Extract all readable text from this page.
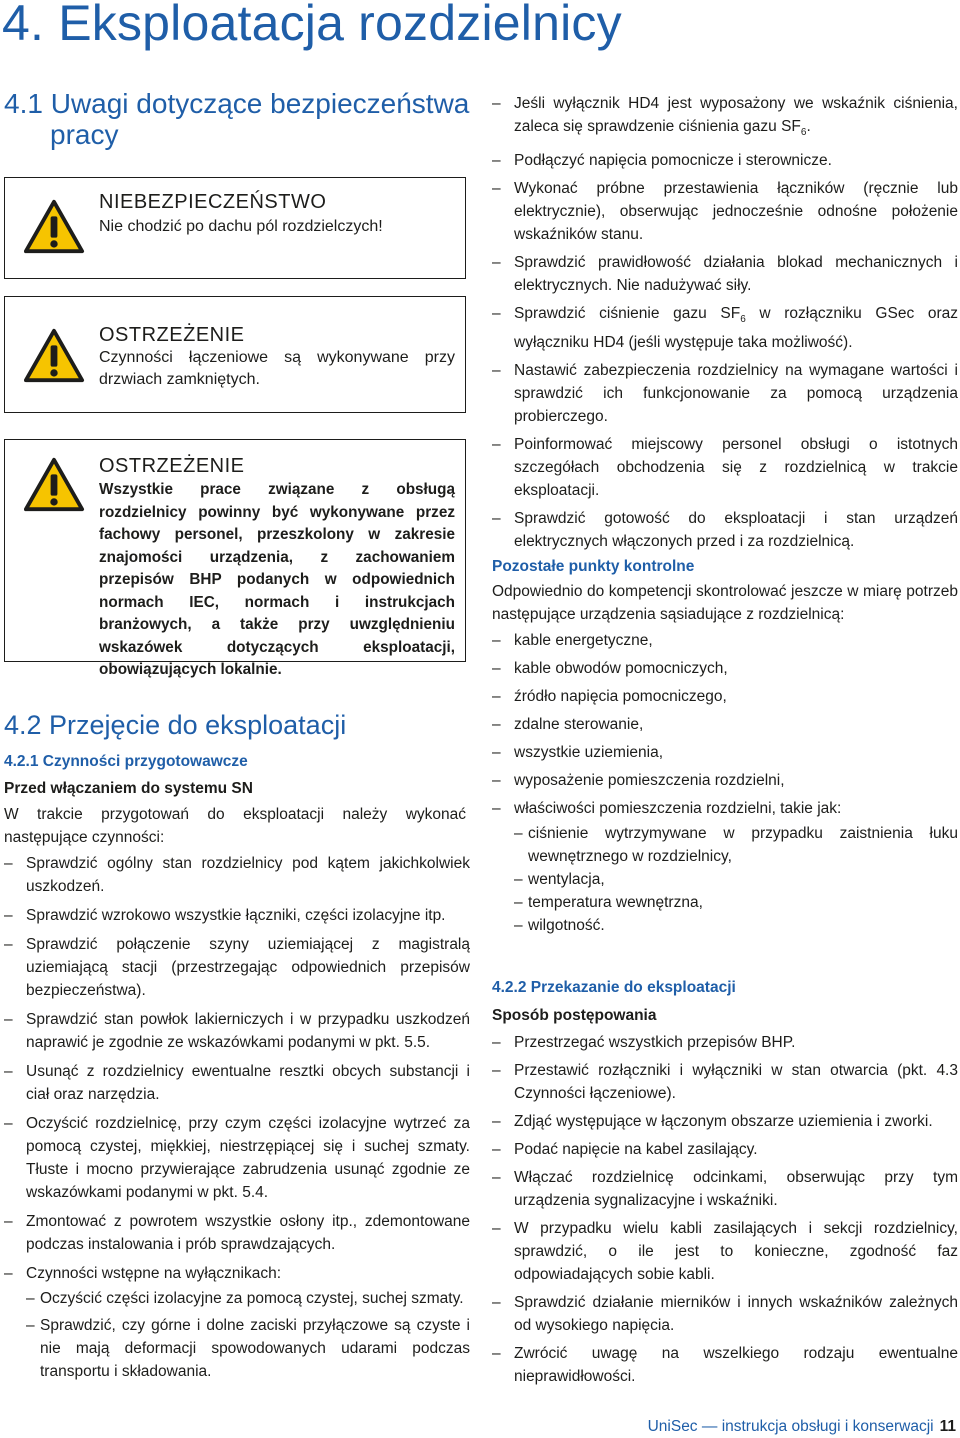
4. Eksploatacja rozdzielnicy
4.1 Uwagi dotyczące bezpieczeństwa
pracy
NIEBEZPIECZEŃSTWO
Nie chodzić po dachu pól rozdzielczych!
OSTRZEŻENIE
Czynności łączeniowe są wykonywane przy drzwiach zamkniętych.
OSTRZEŻENIE
Wszystkie prace związane z obsługą rozdzielnicy powinny być wykonywane przez fachowy personel, przeszkolony w zakresie znajomości urządzenia, z zachowaniem przepisów BHP podanych w odpowiednich normach IEC, normach i instrukcjach branżowych, a także przy uwzględnieniu wskazówek dotyczących eksploatacji, obowiązujących lokalnie.
4.2 Przejęcie do eksploatacji
4.2.1 Czynności przygotowawcze
Przed włączaniem do systemu SN
W trakcie przygotowań do eksploatacji należy wykonać następujące czynności:
– Sprawdzić ogólny stan rozdzielnicy pod kątem jakichkolwiek uszkodzeń.
– Sprawdzić wzrokowo wszystkie łączniki, części izolacyjne itp.
– Sprawdzić połączenie szyny uziemiającej z magistralą uziemiającą stacji (przestrzegając odpowiednich przepisów bezpieczeństwa).
– Sprawdzić stan powłok lakierniczych i w przypadku uszkodzeń naprawić je zgodnie ze wskazówkami podanymi w pkt. 5.5.
– Usunąć z rozdzielnicy ewentualne resztki obcych substancji i ciał oraz narzędzia.
– Oczyścić rozdzielnicę, przy czym części izolacyjne wytrzeć za pomocą czystej, miękkiej, niestrzępiącej się i suchej szmaty. Tłuste i mocno przywierające zabrudzenia usunąć zgodnie ze wskazówkami podanymi w pkt. 5.4.
– Zmontować z powrotem wszystkie osłony itp., zdemontowane podczas instalowania i prób sprawdzających.
– Czynności wstępne na wyłącznikach:
– Oczyścić części izolacyjne za pomocą czystej, suchej szmaty.
– Sprawdzić, czy górne i dolne zaciski przyłączowe są czyste i nie mają deformacji spowodowanych udarami podczas transportu i składowania.
– Jeśli wyłącznik HD4 jest wyposażony we wskaźnik ciśnienia, zaleca się sprawdzenie ciśnienia gazu $SF_6$.
– Podłączyć napięcia pomocnicze i sterownicze.
– Wykonać próbne przestawienia łączników (ręcznie lub elektrycznie), obserwując jednocześnie odnośne położenie wskaźników stanu.
– Sprawdzić prawidłowość działania blokad mechanicznych i elektrycznych. Nie nadużywać siły.
– Sprawdzić ciśnienie gazu $SF_6$ w rozłączniku GSec oraz wyłączniku HD4 (jeśli występuje taka możliwość).
– Nastawić zabezpieczenia rozdzielnicy na wymagane wartości i sprawdzić ich funkcjonowanie za pomocą urządzenia probierczego.
– Poinformować miejscowy personel obsługi o istotnych szczegółach obchodzenia się z rozdzielnicą w trakcie eksploatacji.
– Sprawdzić gotowość do eksploatacji i stan urządzeń elektrycznych włączonych przed i za rozdzielnicą.
Pozostałe punkty kontrolne
Odpowiednio do kompetencji skontrolować jeszcze w miarę potrzeb następujące urządzenia sąsiadujące z rozdzielnicą:
– kable energetyczne,
– kable obwodów pomocniczych,
– źródło napięcia pomocniczego,
– zdalne sterowanie,
– wszystkie uziemienia,
– wyposażenie pomieszczenia rozdzielni,
– właściwości pomieszczenia rozdzielni, takie jak:
– ciśnienie wytrzymywane w przypadku zaistnienia łuku wewnętrznego w rozdzielnicy,
– wentylacja,
– temperatura wewnętrzna,
– wilgotność.
4.2.2 Przekazanie do eksploatacji
Sposób postępowania
– Przestrzegać wszystkich przepisów BHP.
– Przestawić rozłączniki i wyłączniki w stan otwarcia (pkt. 4.3 Czynności łączeniowe).
– Zdjąć występujące w łączonym obszarze uziemienia i zworki.
– Podać napięcie na kabel zasilający.
– Włączać rozdzielnicę odcinkami, obserwując przy tym urządzenia sygnalizacyjne i wskaźniki.
– W przypadku wielu kabli zasilających i sekcji rozdzielnicy, sprawdzić, o ile jest to konieczne, zgodność faz odpowiadających sobie kabli.
– Sprawdzić działanie mierników i innych wskaźników zależnych od wysokiego napięcia.
– Zwrócić uwagę na wszelkiego rodzaju ewentualne nieprawidłowości.
UniSec — instrukcja obsługi i konserwacji 11
